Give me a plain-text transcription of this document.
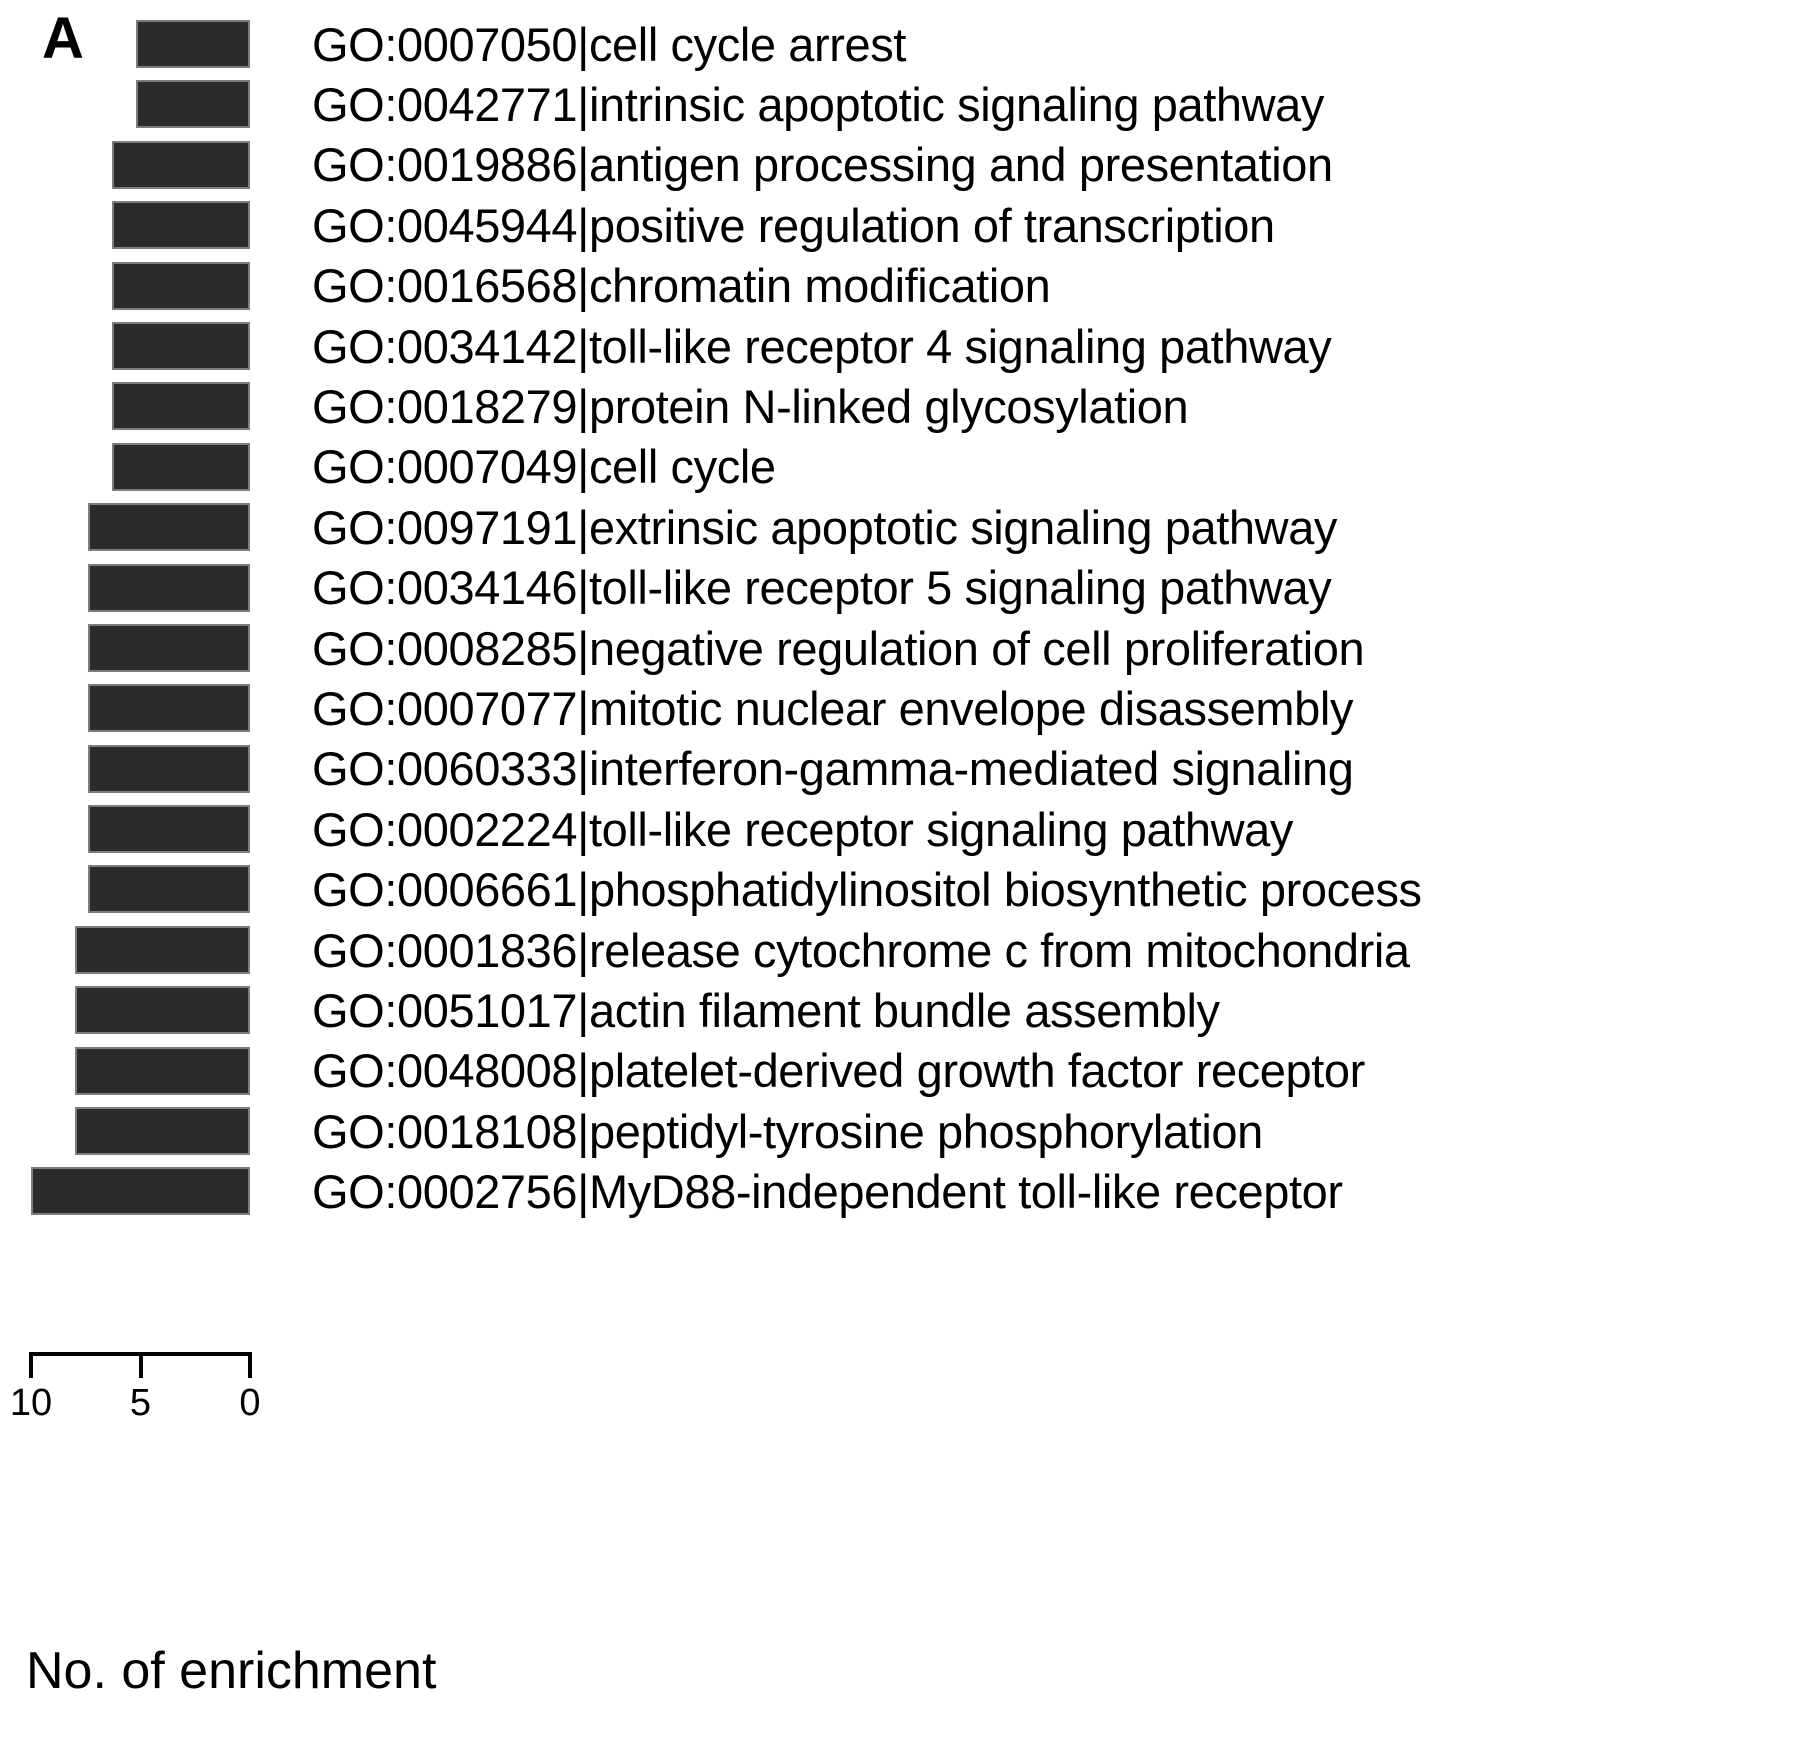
A	GO:0007050|cell cycle arrest
GO:0042771|intrinsic apoptotic signaling pathway
GO:0019886|antigen processing and presentation
GO:0045944|positive regulation of transcription
GO:0016568|chromatin modification
GO:0034142|toll-like receptor 4 signaling pathway
GO:0018279|protein N-linked glycosylation
GO:0007049|cell cycle
GO:0097191|extrinsic apoptotic signaling pathway
GO:0034146|toll-like receptor 5 signaling pathway
GO:0008285|negative regulation of cell proliferation
GO:0007077|mitotic nuclear envelope disassembly
GO:0060333|interferon-gamma-mediated signaling
GO:0002224|toll-like receptor signaling pathway
GO:0006661|phosphatidylinositol biosynthetic process
GO:0001836|release cytochrome c from mitochondria
GO:0051017|actin filament bundle assembly
GO:0048008|platelet-derived growth factor receptor
GO:0018108|peptidyl-tyrosine phosphorylation
GO:0002756|MyD88-independent toll-like receptor
10 5 0
No. of enrichment
